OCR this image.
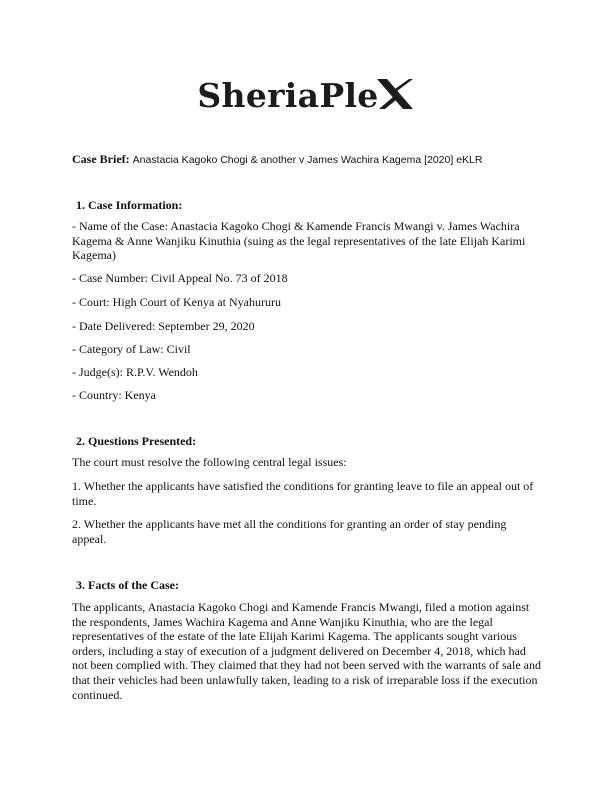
SheriaPle
Case Brief: Anastacia Kagoko Chogi & another v James Wachira Kagema [2020] eKLR
1. Case Information:
- Name of the Case: Anastacia Kagoko Chogi & Kamende Francis Mwangi v. James Wachira Kagema & Anne Wanjiku Kinuthia (suing as the legal representatives of the late Elijah Karimi Kagema)
- Case Number: Civil Appeal No. 73 of 2018
- Court: High Court of Kenya at Nyahururu
- Date Delivered: September 29, 2020
- Category of Law: Civil
- Judge(s): R.P.V. Wendoh
- Country: Kenya
2. Questions Presented:
The court must resolve the following central legal issues:
1. Whether the applicants have satisfied the conditions for granting leave to file an appeal out of time.
2. Whether the applicants have met all the conditions for granting an order of stay pending appeal.
3. Facts of the Case:
The applicants, Anastacia Kagoko Chogi and Kamende Francis Mwangi, filed a motion against the respondents, James Wachira Kagema and Anne Wanjiku Kinuthia, who are the legal representatives of the estate of the late Elijah Karimi Kagema. The applicants sought various orders, including a stay of execution of a judgment delivered on December 4, 2018, which had not been complied with. They claimed that they had not been served with the warrants of sale and that their vehicles had been unlawfully taken, leading to a risk of irreparable loss if the execution continued.
